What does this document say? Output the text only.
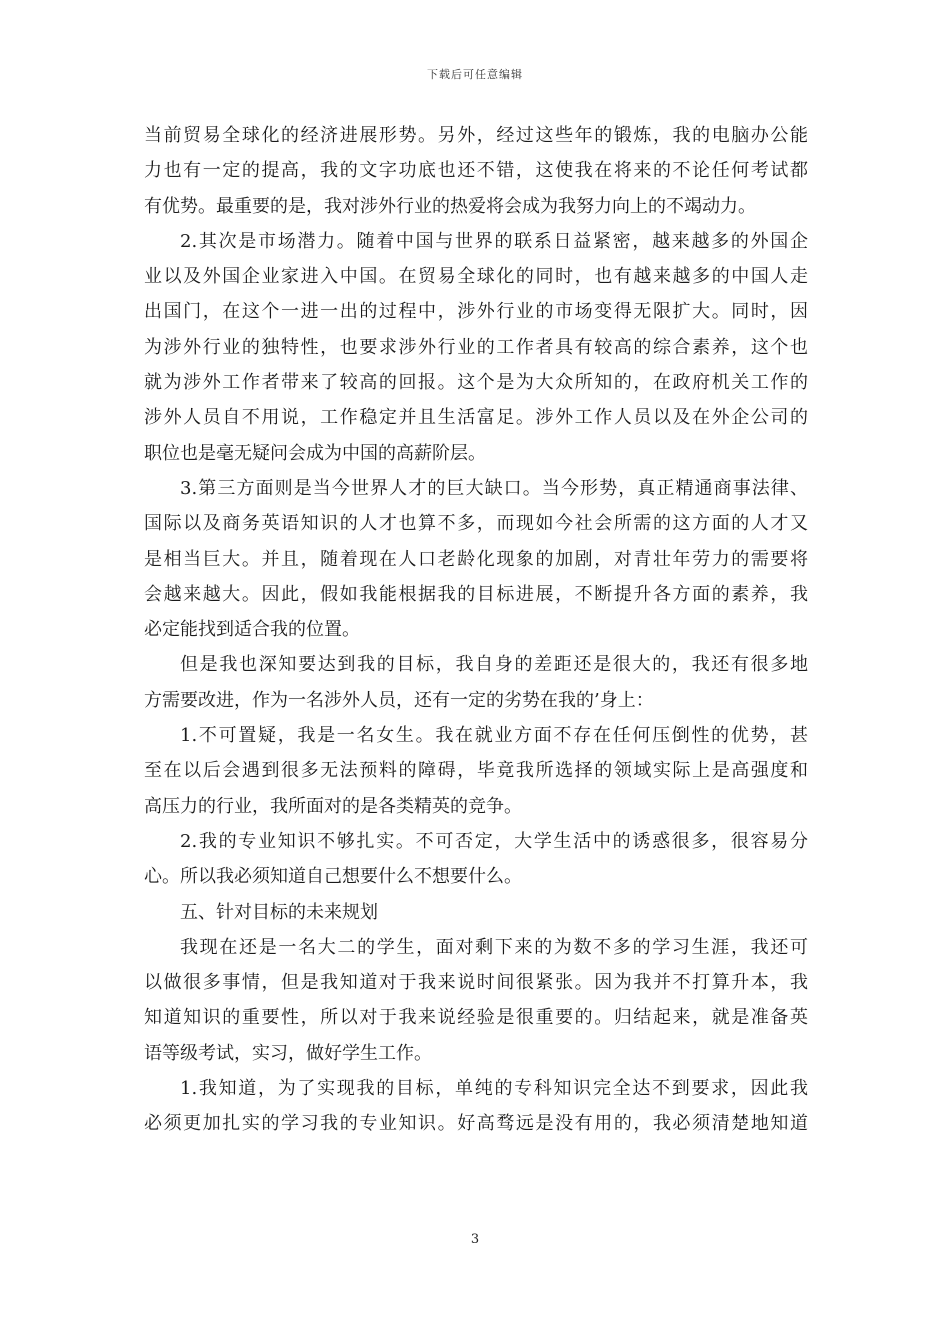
下载后可任意编辑
当前贸易全球化的经济进展形势。另外，经过这些年的锻炼，我的电脑办公能
力也有一定的提高，我的文字功底也还不错，这使我在将来的不论任何考试都
有优势。最重要的是，我对涉外行业的热爱将会成为我努力向上的不竭动力。
2.其次是市场潜力。随着中国与世界的联系日益紧密，越来越多的外国企
业以及外国企业家进入中国。在贸易全球化的同时，也有越来越多的中国人走
出国门，在这个一进一出的过程中，涉外行业的市场变得无限扩大。同时，因
为涉外行业的独特性，也要求涉外行业的工作者具有较高的综合素养，这个也
就为涉外工作者带来了较高的回报。这个是为大众所知的，在政府机关工作的
涉外人员自不用说，工作稳定并且生活富足。涉外工作人员以及在外企公司的
职位也是毫无疑问会成为中国的高薪阶层。
3.第三方面则是当今世界人才的巨大缺口。当今形势，真正精通商事法律、
国际以及商务英语知识的人才也算不多，而现如今社会所需的这方面的人才又
是相当巨大。并且，随着现在人口老龄化现象的加剧，对青壮年劳力的需要将
会越来越大。因此，假如我能根据我的目标进展，不断提升各方面的素养，我
必定能找到适合我的位置。
但是我也深知要达到我的目标，我自身的差距还是很大的，我还有很多地
方需要改进，作为一名涉外人员，还有一定的劣势在我的’身上：
1.不可置疑，我是一名女生。我在就业方面不存在任何压倒性的优势，甚
至在以后会遇到很多无法预料的障碍，毕竟我所选择的领域实际上是高强度和
高压力的行业，我所面对的是各类精英的竞争。
2.我的专业知识不够扎实。不可否定，大学生活中的诱惑很多，很容易分
心。所以我必须知道自己想要什么不想要什么。
五、针对目标的未来规划
我现在还是一名大二的学生，面对剩下来的为数不多的学习生涯，我还可
以做很多事情，但是我知道对于我来说时间很紧张。因为我并不打算升本，我
知道知识的重要性，所以对于我来说经验是很重要的。归结起来，就是准备英
语等级考试，实习，做好学生工作。
1.我知道，为了实现我的目标，单纯的专科知识完全达不到要求，因此我
必须更加扎实的学习我的专业知识。好高骛远是没有用的，我必须清楚地知道
3
